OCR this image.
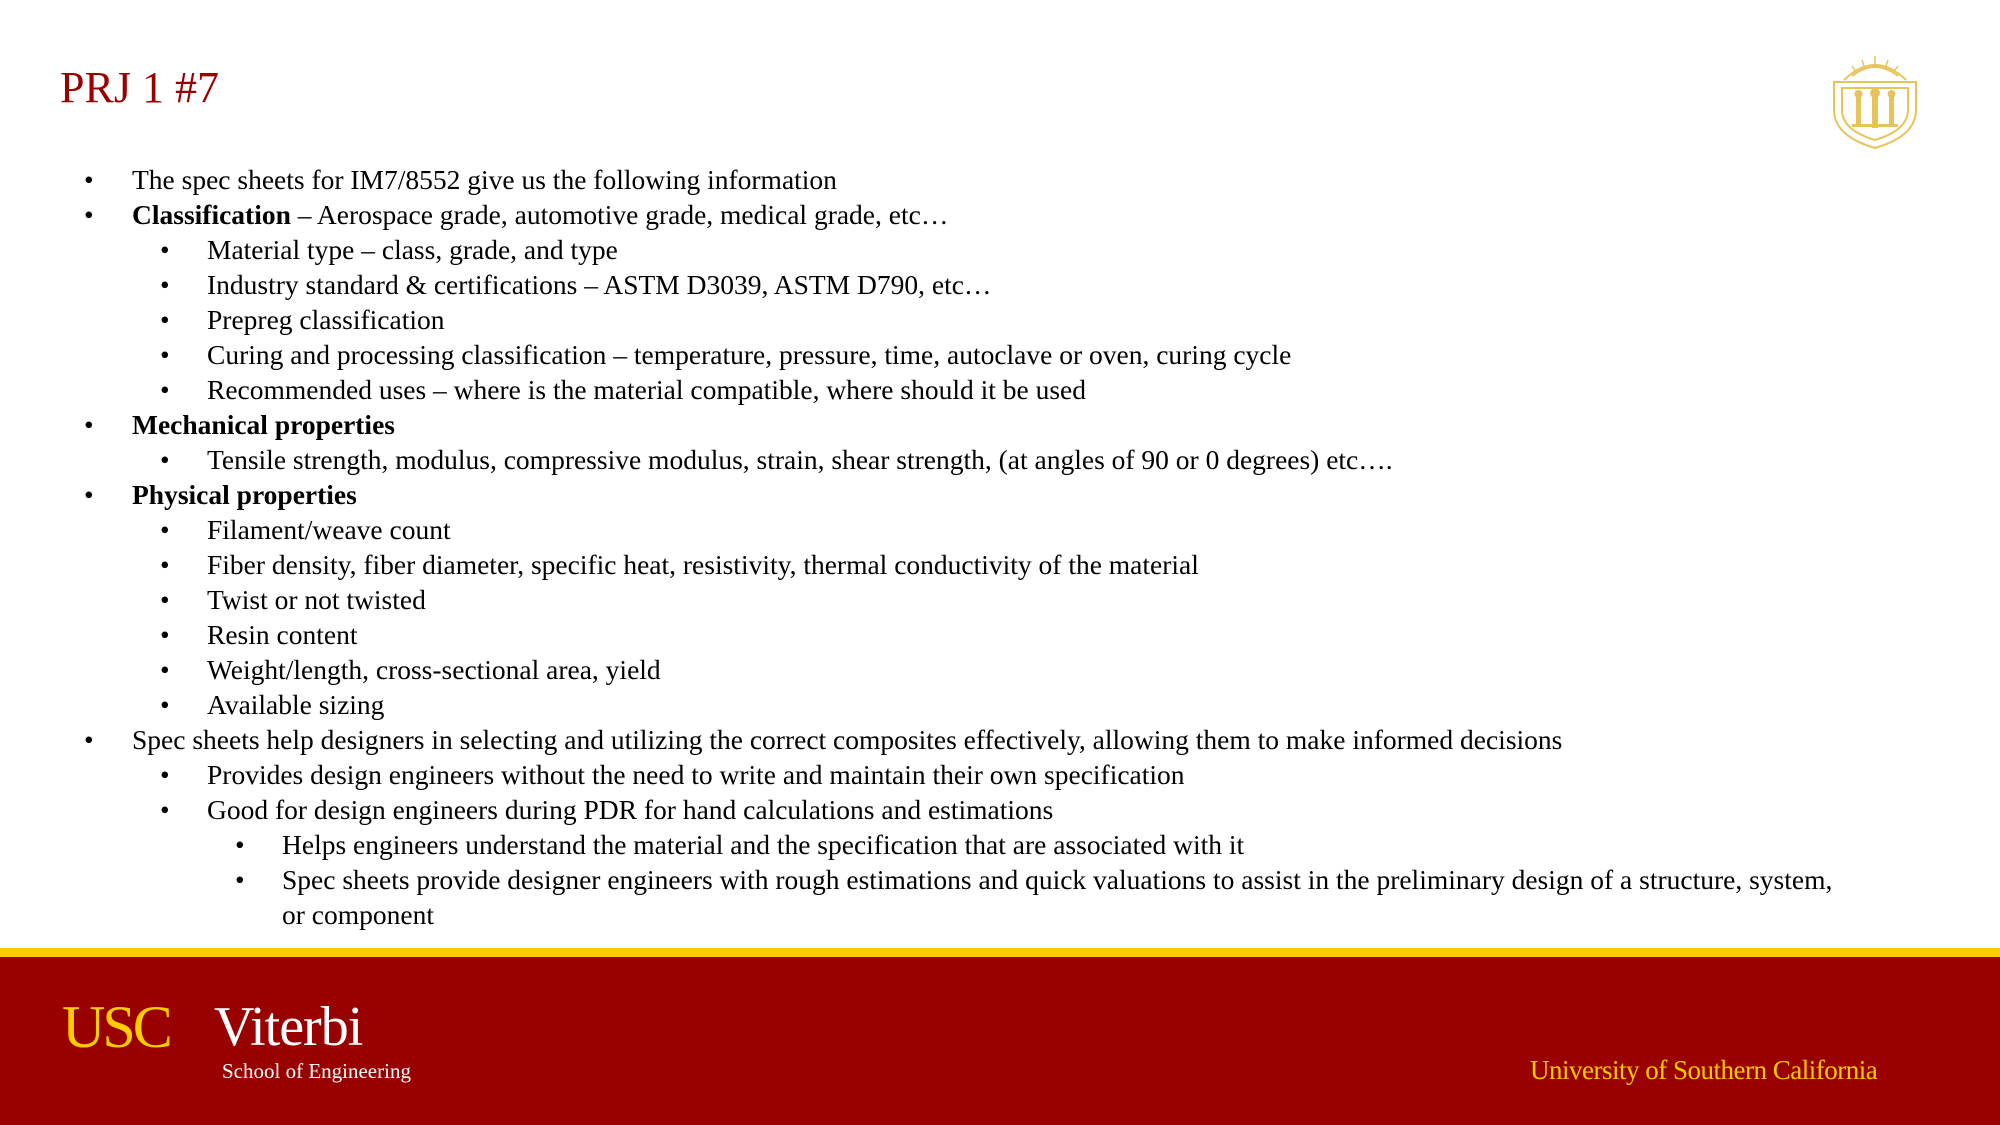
PRJ 1 #7
• The spec sheets for IM7/8552 give us the following information
• Classification – Aerospace grade, automotive grade, medical grade, etc…
• Material type – class, grade, and type
• Industry standard & certifications – ASTM D3039, ASTM D790, etc…
• Prepreg classification
• Curing and processing classification – temperature, pressure, time, autoclave or oven, curing cycle
• Recommended uses – where is the material compatible, where should it be used
• Mechanical properties
• Tensile strength, modulus, compressive modulus, strain, shear strength, (at angles of 90 or 0 degrees) etc….
• Physical properties
• Filament/weave count
• Fiber density, fiber diameter, specific heat, resistivity, thermal conductivity of the material
• Twist or not twisted
• Resin content
• Weight/length, cross-sectional area, yield
• Available sizing
• Spec sheets help designers in selecting and utilizing the correct composites effectively, allowing them to make informed decisions
• Provides design engineers without the need to write and maintain their own specification
• Good for design engineers during PDR for hand calculations and estimations
• Helps engineers understand the material and the specification that are associated with it
• Spec sheets provide designer engineers with rough estimations and quick valuations to assist in the preliminary design of a structure, system,
or component
USC Viterbi
School of Engineering	University of Southern California
